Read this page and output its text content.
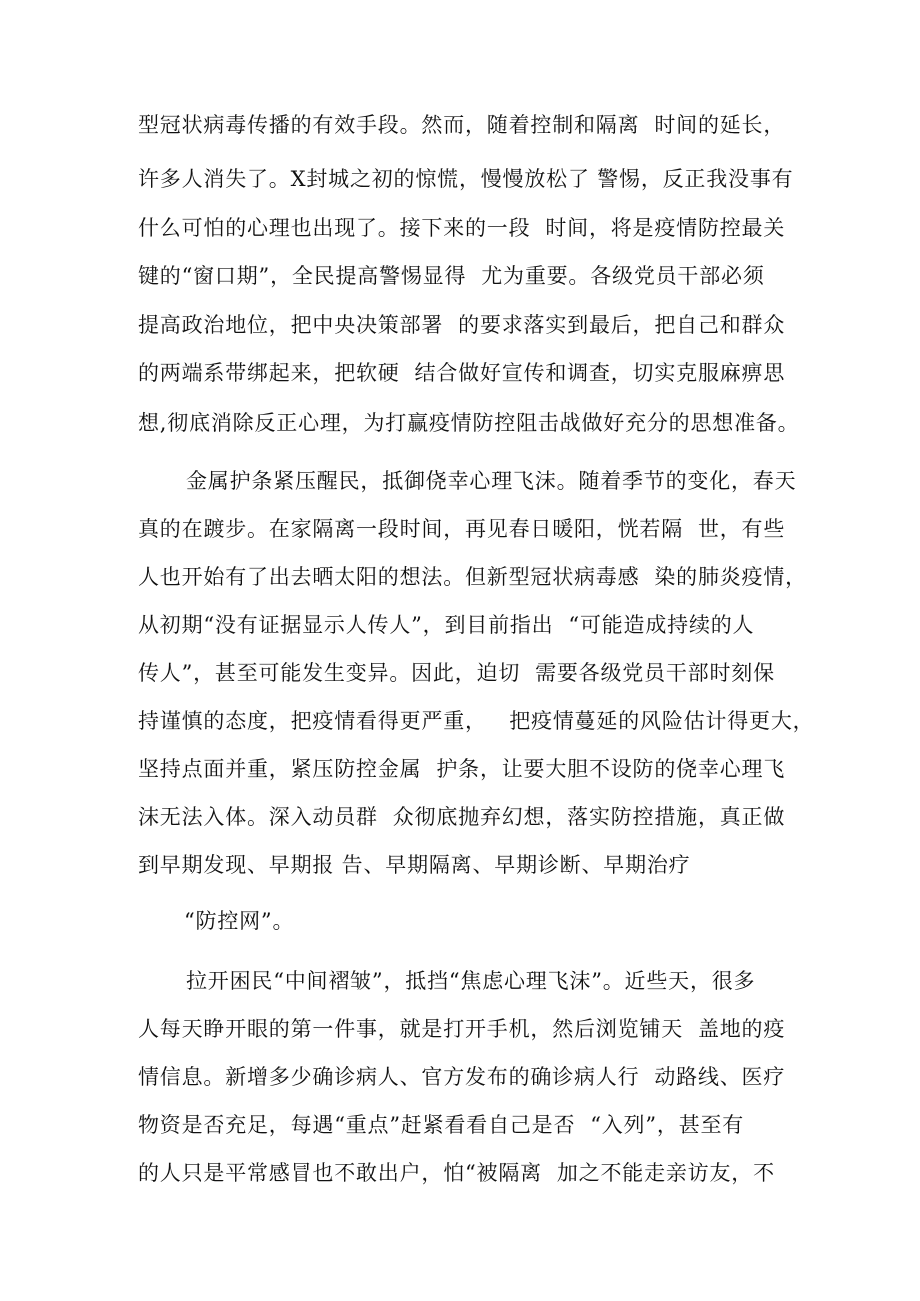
型冠状病毒传播的有效手段。然而，随着控制和隔离  时间的延长，
许多人消失了。X封城之初的惊慌，慢慢放松了 警惕，反正我没事有
什么可怕的心理也出现了。接下来的一段  时间，将是疫情防控最关
键的“窗口期”，全民提高警惕显得  尤为重要。各级党员干部必须
提高政治地位，把中央决策部署  的要求落实到最后，把自己和群众
的两端系带绑起来，把软硬  结合做好宣传和调查，切实克服麻痹思
想,彻底消除反正心理，为打赢疫情防控阻击战做好充分的思想准备。
金属护条紧压醒民，抵御侥幸心理飞沫。随着季节的变化，春天
真的在踱步。在家隔离一段时间，再见春日暖阳，恍若隔  世，有些
人也开始有了出去晒太阳的想法。但新型冠状病毒感  染的肺炎疫情，
从初期“没有证据显示人传人”，到目前指出  “可能造成持续的人
传人”，甚至可能发生变异。因此，迫切  需要各级党员干部时刻保
持谨慎的态度，把疫情看得更严重，   把疫情蔓延的风险估计得更大，
坚持点面并重，紧压防控金属  护条，让要大胆不设防的侥幸心理飞
沫无法入体。深入动员群  众彻底抛弃幻想，落实防控措施，真正做
到早期发现、早期报 告、早期隔离、早期诊断、早期治疗
“防控网”。
拉开困民“中间褶皱”，抵挡“焦虑心理飞沫”。近些天，很多
人每天睁开眼的第一件事，就是打开手机，然后浏览铺天  盖地的疫
情信息。新增多少确诊病人、官方发布的确诊病人行  动路线、医疗
物资是否充足，每遇“重点”赶紧看看自己是否  “入列”，甚至有
的人只是平常感冒也不敢出户，怕“被隔离  加之不能走亲访友，不
